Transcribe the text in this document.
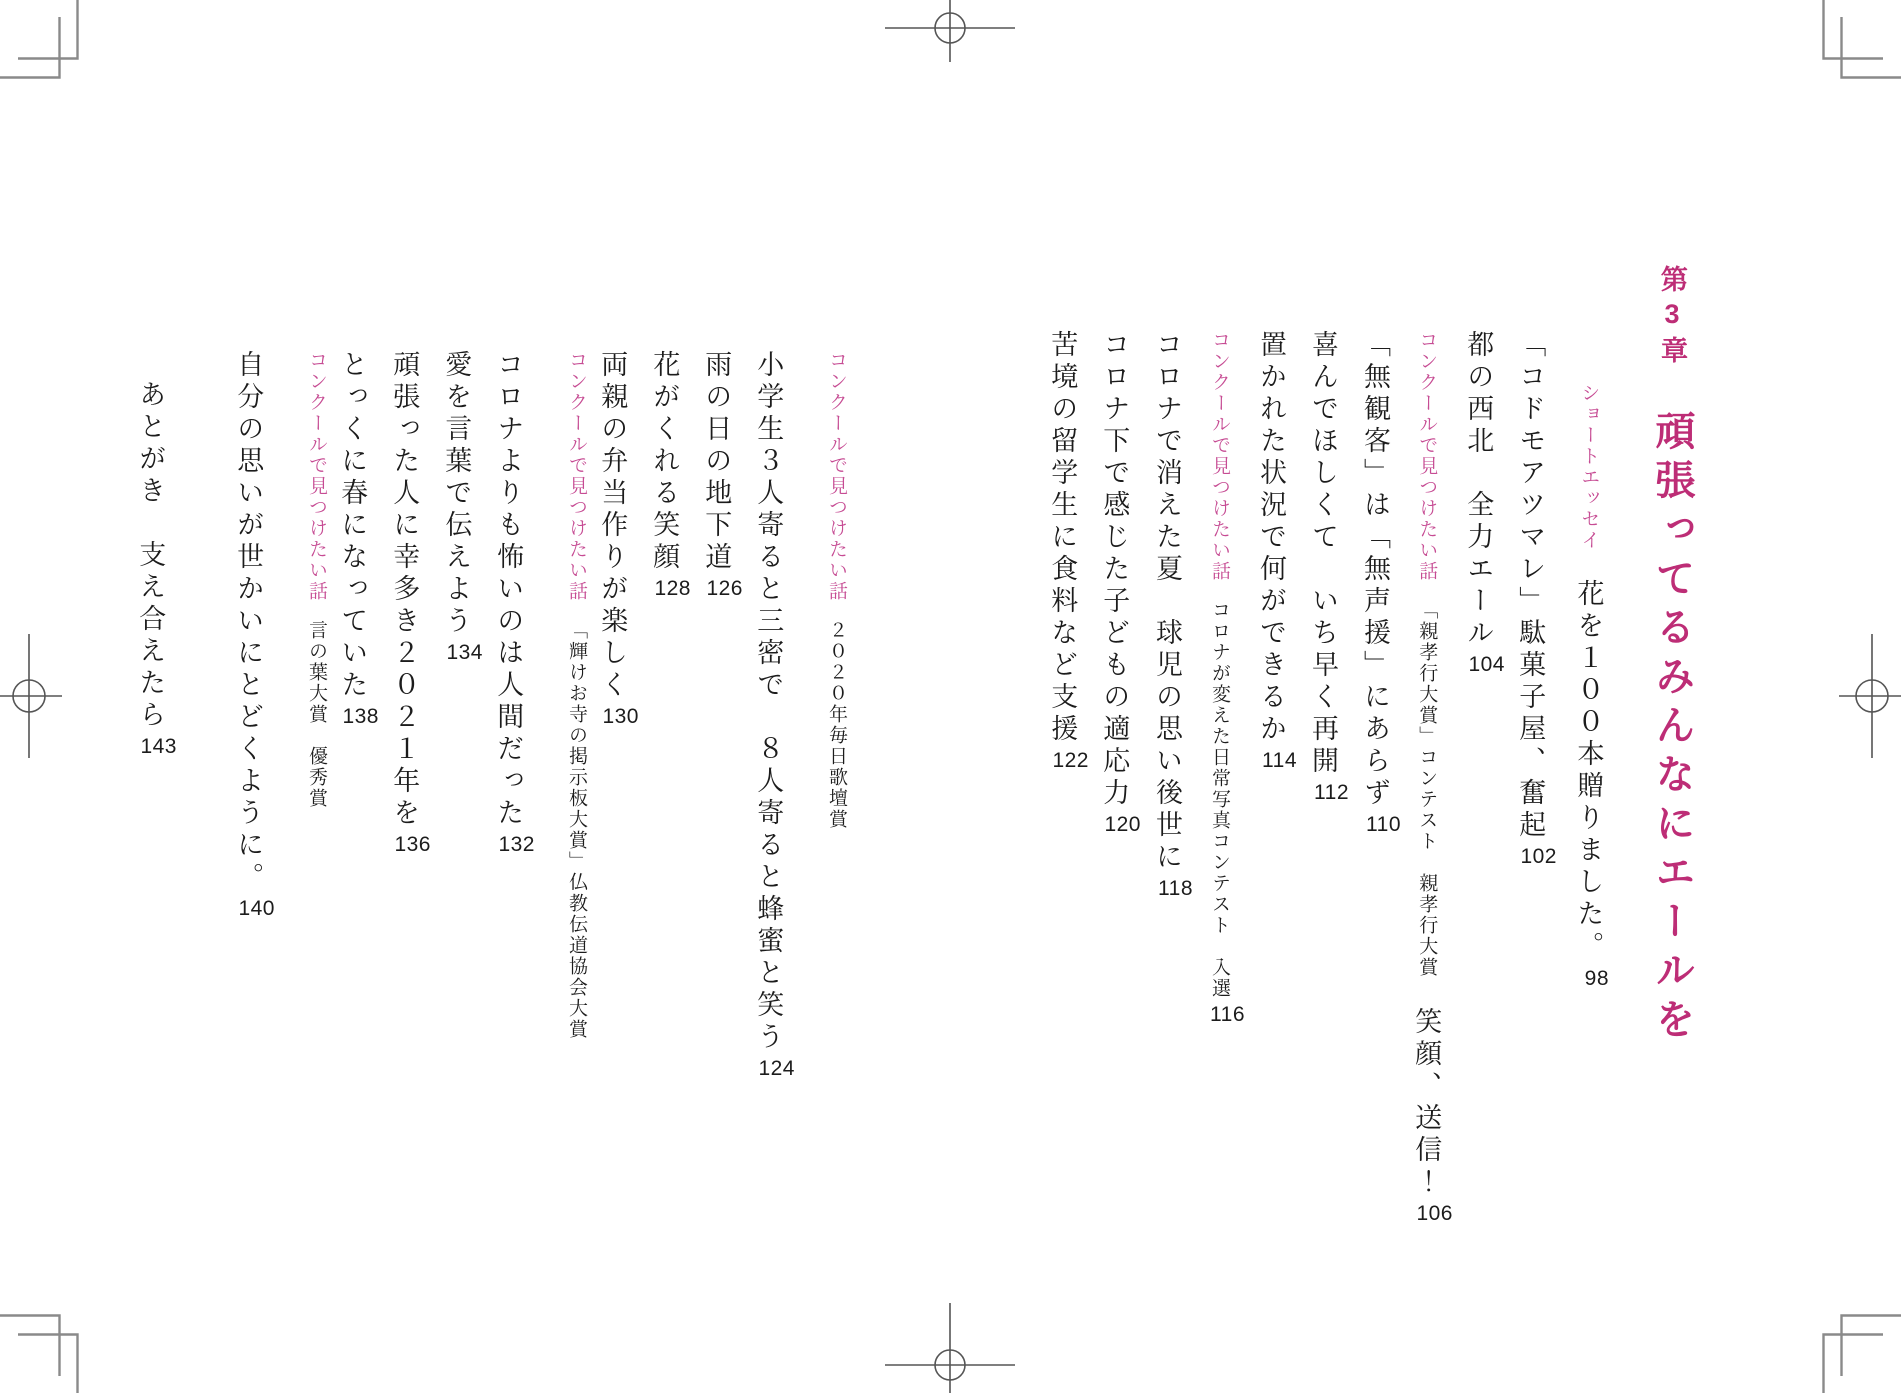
第3章 頑張ってるみんなにエールを
ショートエッセイ 花を１００本贈りました。 98
「コドモアツマレ」駄菓子屋、奮起 102
都の西北　全力エール 104
コンクールで見つけたい話 「親孝行大賞」コンテスト　親孝行大賞 笑顔、送信！ 106
「無観客」は「無声援」にあらず 110
喜んでほしくて　いち早く再開 112
置かれた状況で何ができるか 114
コンクールで見つけたい話 コロナが変えた日常写真コンテスト　入選 116
コロナで消えた夏　球児の思い後世に 118
コロナ下で感じた子どもの適応力 120
苦境の留学生に食料など支援 122
コンクールで見つけたい話 ２０２０年毎日歌壇賞
小学生３人寄ると三密で　８人寄ると蜂蜜と笑う 124
雨の日の地下道 126
花がくれる笑顔 128
両親の弁当作りが楽しく 130
コンクールで見つけたい話 「輝けお寺の掲示板大賞」仏教伝道協会大賞
コロナよりも怖いのは人間だった 132
愛を言葉で伝えよう 134
頑張った人に幸多き２０２１年を 136
とっくに春になっていた 138
コンクールで見つけたい話 言の葉大賞　優秀賞
自分の思いが世かいにとどくように。 140
あとがき　支え合えたら 143
